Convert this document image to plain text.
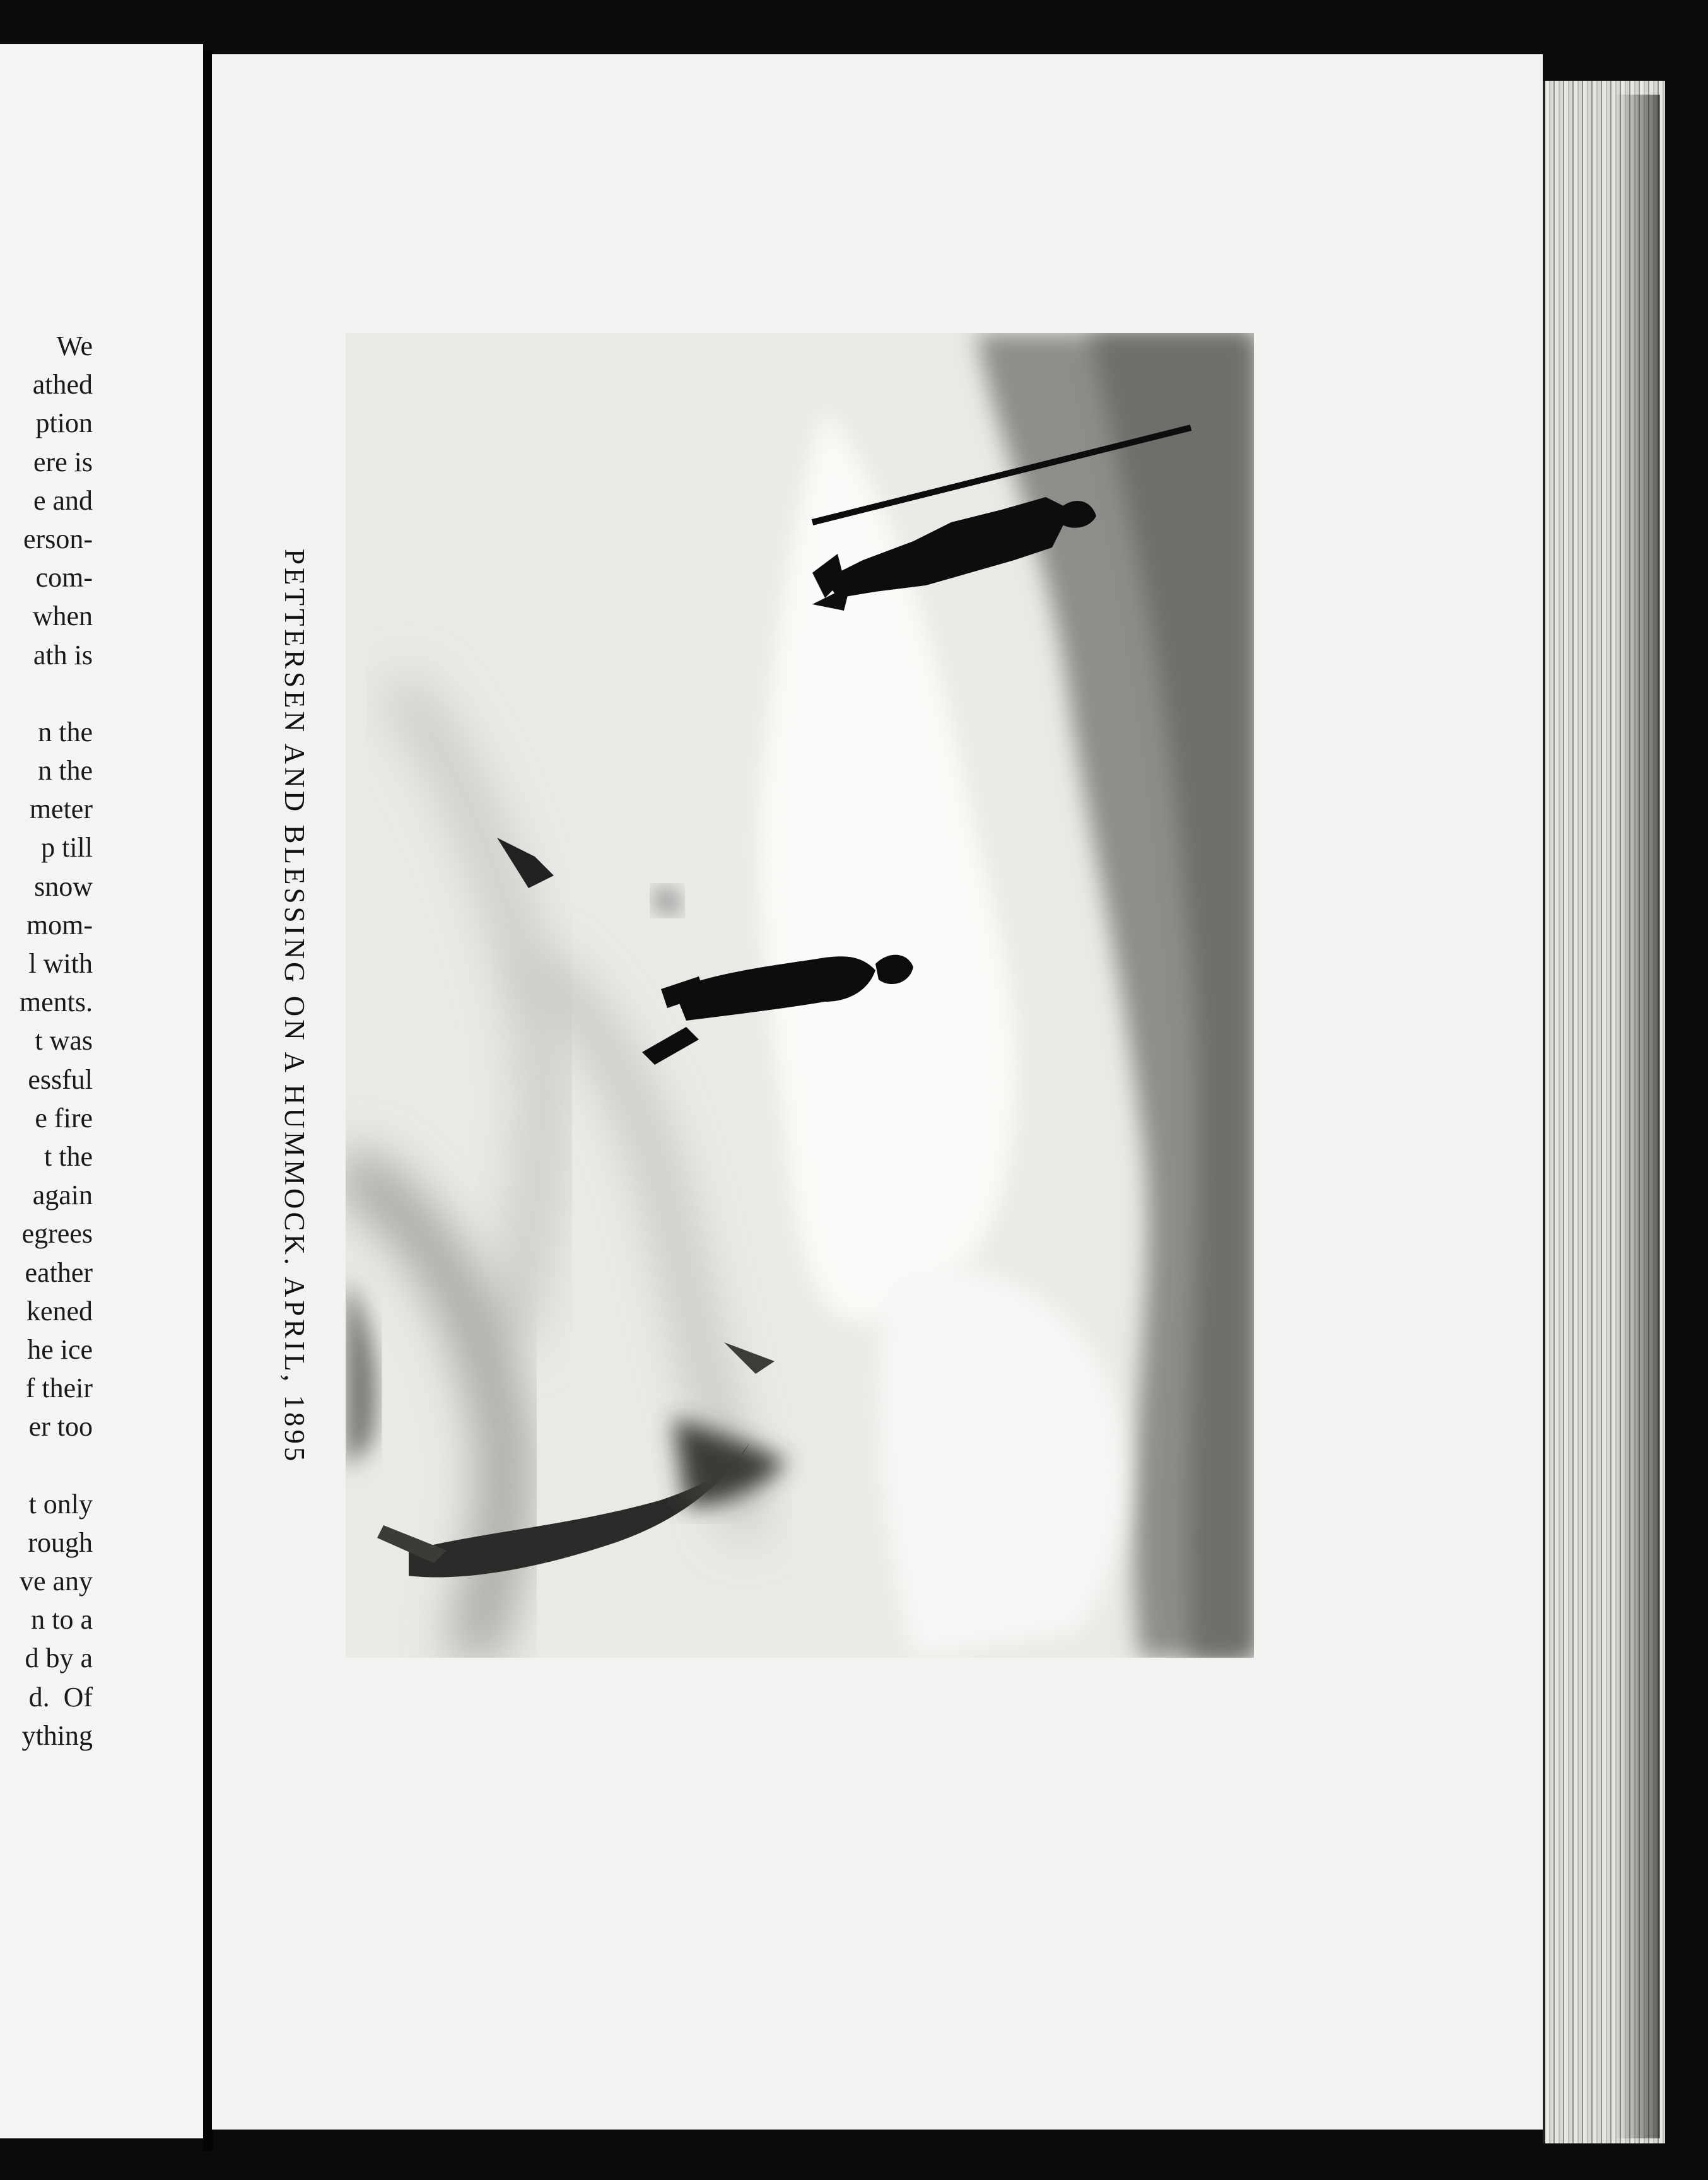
We
athed
ption
ere is
e and
erson-
com-
when
ath is
n the
n the
meter
p till
snow
mom-
l with
ments.
t was
essful
e fire
t the
again
egrees
eather
kened
he ice
f their
er too
t only
rough
ve any
n to a
d by a
d.  Of
ything
PETTERSEN AND BLESSING ON A HUMMOCK. APRIL, 1895
